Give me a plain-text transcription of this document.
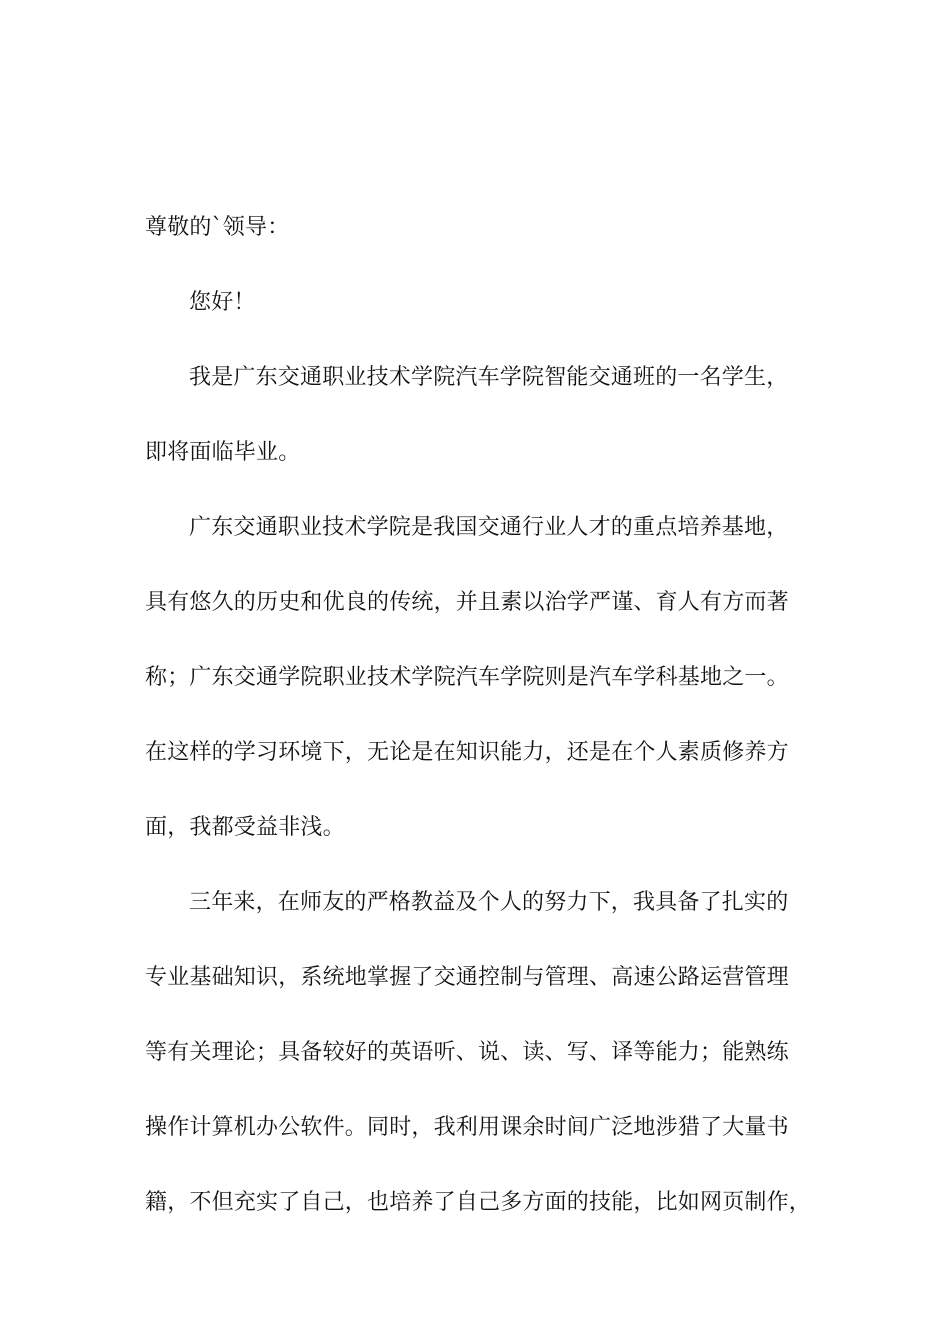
尊敬的`领导：
您好！
我是广东交通职业技术学院汽车学院智能交通班的一名学生，
即将面临毕业。
广东交通职业技术学院是我国交通行业人才的重点培养基地，
具有悠久的历史和优良的传统，并且素以治学严谨、育人有方而著
称；广东交通学院职业技术学院汽车学院则是汽车学科基地之一。
在这样的学习环境下，无论是在知识能力，还是在个人素质修养方
面，我都受益非浅。
三年来，在师友的严格教益及个人的努力下，我具备了扎实的
专业基础知识，系统地掌握了交通控制与管理、高速公路运营管理
等有关理论；具备较好的英语听、说、读、写、译等能力；能熟练
操作计算机办公软件。同时，我利用课余时间广泛地涉猎了大量书
籍，不但充实了自己，也培养了自己多方面的技能，比如网页制作，
